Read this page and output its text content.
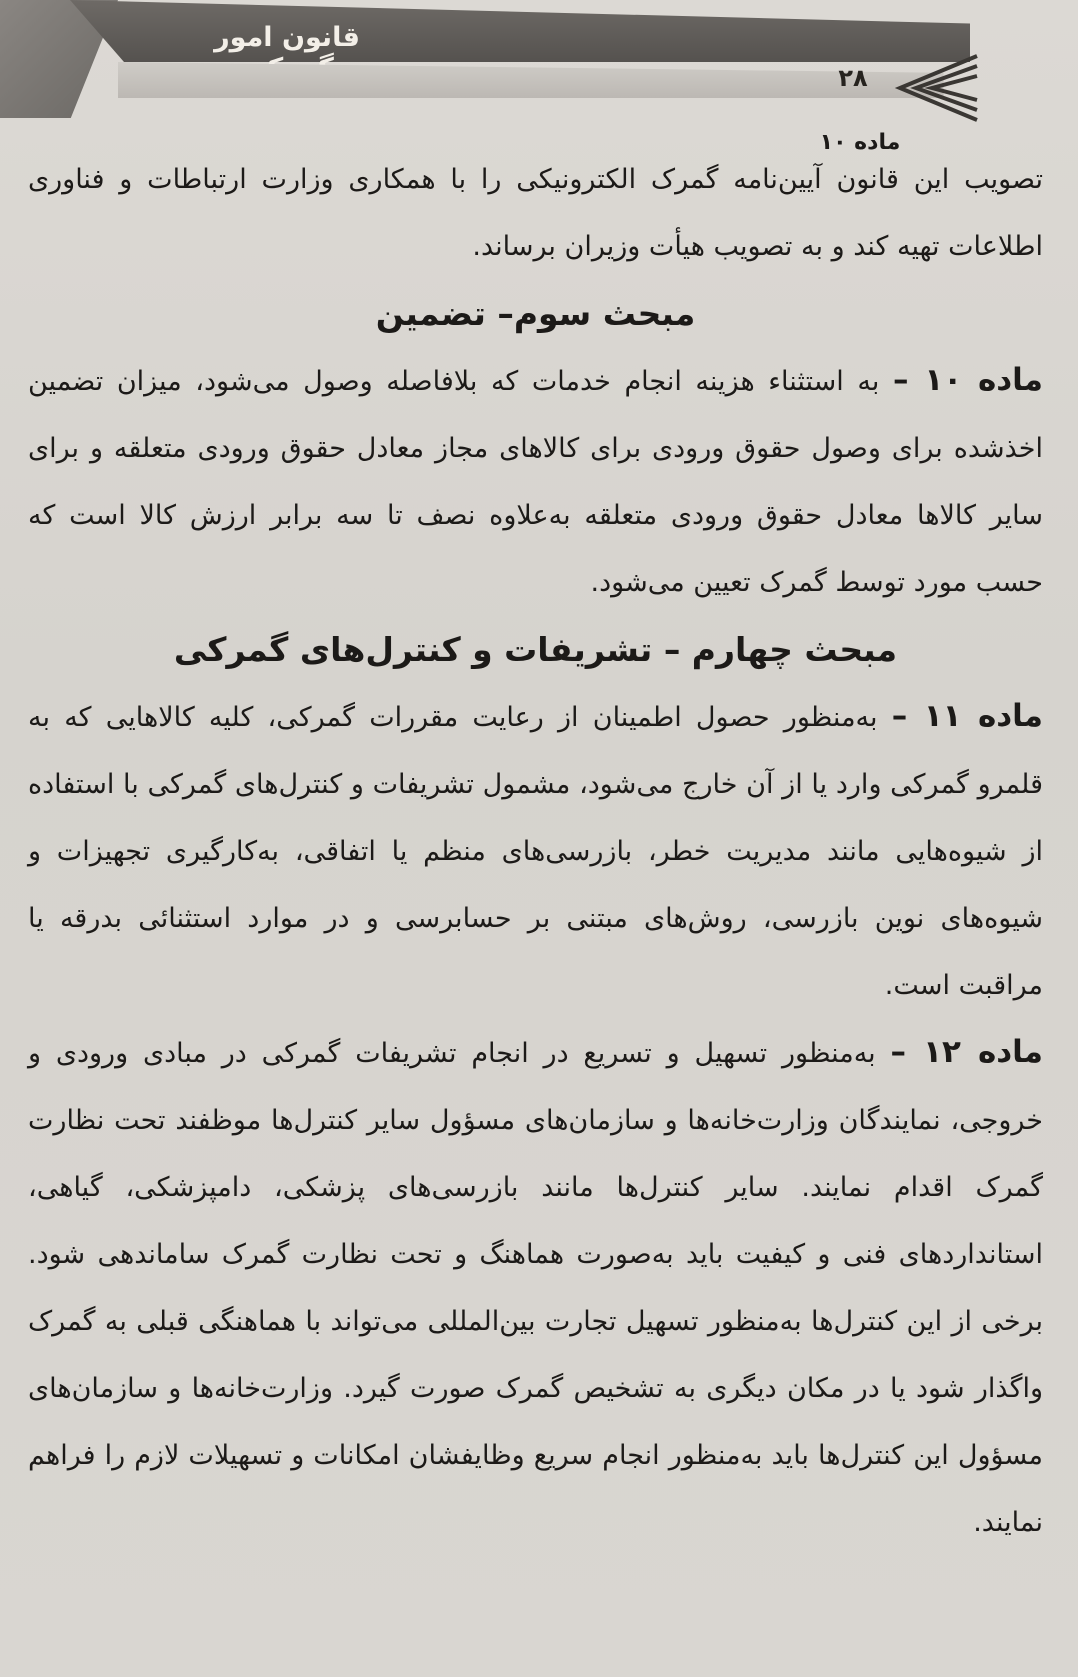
قانون امور
۲۸
ماده ۱۰

تصویب این قانون آیین‌نامه گمرک الکترونیکی را با همکاری وزارت ارتباطات و فناوری اطلاعات تهیه کند و به تصویب هیأت وزیران برساند.

مبحث سوم– تضمین

ماده ۱۰ – به استثناء هزینه انجام خدمات که بلافاصله وصول می‌شود، میزان تضمین اخذشده برای وصول حقوق ورودی برای کالاهای مجاز معادل حقوق ورودی متعلقه و برای سایر کالاها معادل حقوق ورودی متعلقه به‌علاوه نصف تا سه برابر ارزش کالا است که حسب مورد توسط گمرک تعیین می‌شود.

مبحث چهارم – تشریفات و کنترل‌های گمرکی

ماده ۱۱ – به‌منظور حصول اطمینان از رعایت مقررات گمرکی، کلیه کالاهایی که به قلمرو گمرکی وارد یا از آن خارج می‌شود، مشمول تشریفات و کنترل‌های گمرکی با استفاده از شیوه‌هایی مانند مدیریت خطر، بازرسی‌های منظم یا اتفاقی، به‌کارگیری تجهیزات و شیوه‌های نوین بازرسی، روش‌های مبتنی بر حسابرسی و در موارد استثنائی بدرقه یا مراقبت است.

ماده ۱۲ – به‌منظور تسهیل و تسریع در انجام تشریفات گمرکی در مبادی ورودی و خروجی، نمایندگان وزارت‌خانه‌ها و سازمان‌های مسؤول سایر کنترل‌ها موظفند تحت نظارت گمرک اقدام نمایند. سایر کنترل‌ها مانند بازرسی‌های پزشکی، دامپزشکی، گیاهی، استانداردهای فنی و کیفیت باید به‌صورت هماهنگ و تحت نظارت گمرک ساماندهی شود. برخی از این کنترل‌ها به‌منظور تسهیل تجارت بین‌المللی می‌تواند با هماهنگی قبلی به گمرک واگذار شود یا در مکان دیگری به تشخیص گمرک صورت گیرد. وزارت‌خانه‌ها و سازمان‌های مسؤول این کنترل‌ها باید به‌منظور انجام سریع وظایفشان امکانات و تسهیلات لازم را فراهم نمایند.
